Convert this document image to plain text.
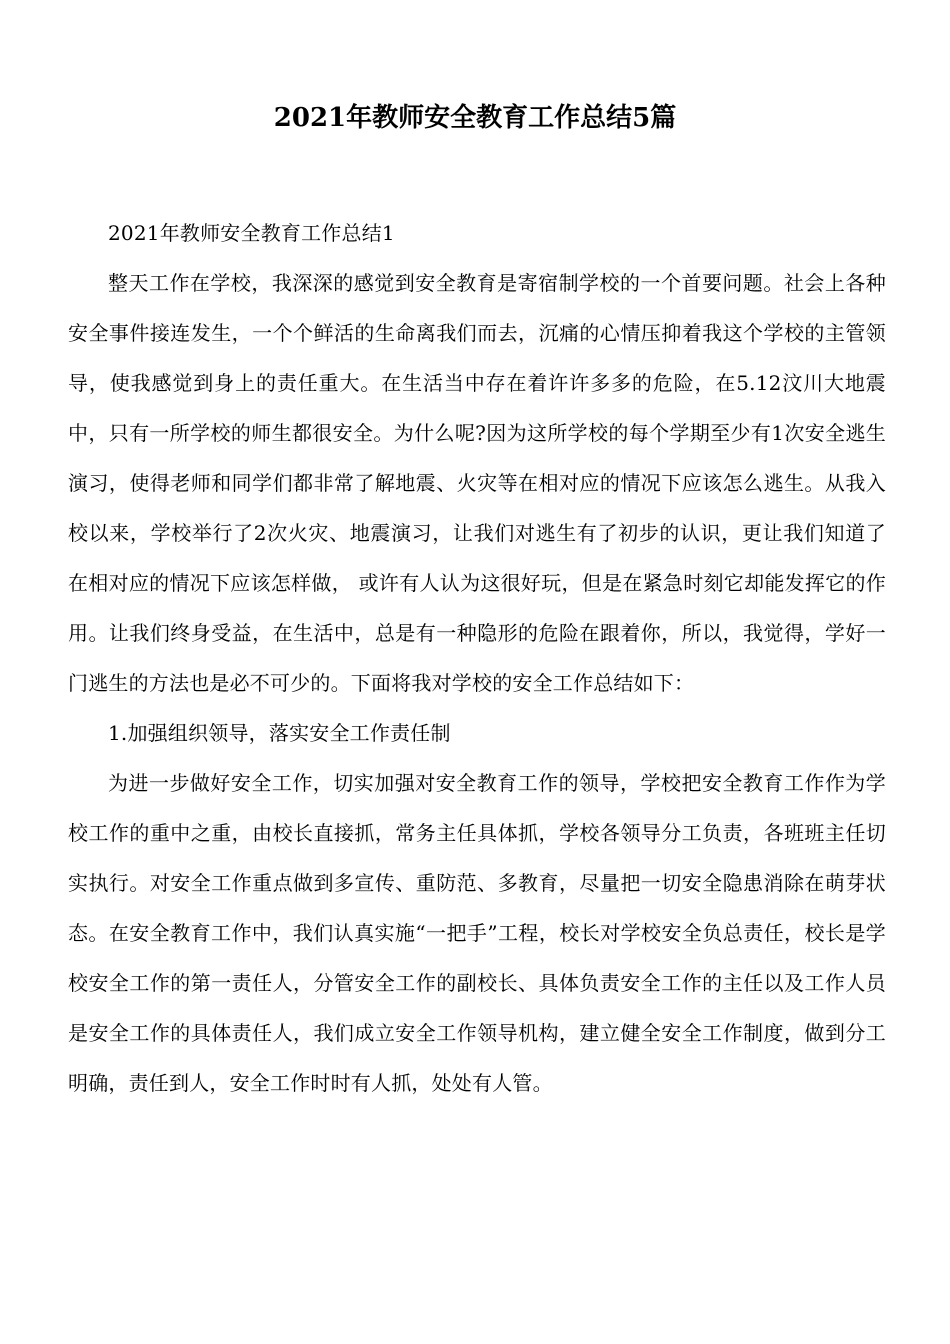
2021年教师安全教育工作总结5篇

2021年教师安全教育工作总结1

整天工作在学校，我深深的感觉到安全教育是寄宿制学校的一个首要问题。社会上各种安全事件接连发生，一个个鲜活的生命离我们而去，沉痛的心情压抑着我这个学校的主管领导，使我感觉到身上的责任重大。在生活当中存在着许许多多的危险，在5.12汶川大地震中，只有一所学校的师生都很安全。为什么呢?因为这所学校的每个学期至少有1次安全逃生演习，使得老师和同学们都非常了解地震、火灾等在相对应的情况下应该怎么逃生。从我入校以来，学校举行了2次火灾、地震演习，让我们对逃生有了初步的认识，更让我们知道了在相对应的情况下应该怎样做， 或许有人认为这很好玩，但是在紧急时刻它却能发挥它的作用。让我们终身受益，在生活中，总是有一种隐形的危险在跟着你，所以，我觉得，学好一门逃生的方法也是必不可少的。下面将我对学校的安全工作总结如下：

1.加强组织领导，落实安全工作责任制

为进一步做好安全工作，切实加强对安全教育工作的领导，学校把安全教育工作作为学校工作的重中之重，由校长直接抓，常务主任具体抓，学校各领导分工负责，各班班主任切实执行。对安全工作重点做到多宣传、重防范、多教育，尽量把一切安全隐患消除在萌芽状态。在安全教育工作中，我们认真实施“一把手”工程，校长对学校安全负总责任，校长是学校安全工作的第一责任人，分管安全工作的副校长、具体负责安全工作的主任以及工作人员是安全工作的具体责任人，我们成立安全工作领导机构，建立健全安全工作制度，做到分工明确，责任到人，安全工作时时有人抓，处处有人管。
